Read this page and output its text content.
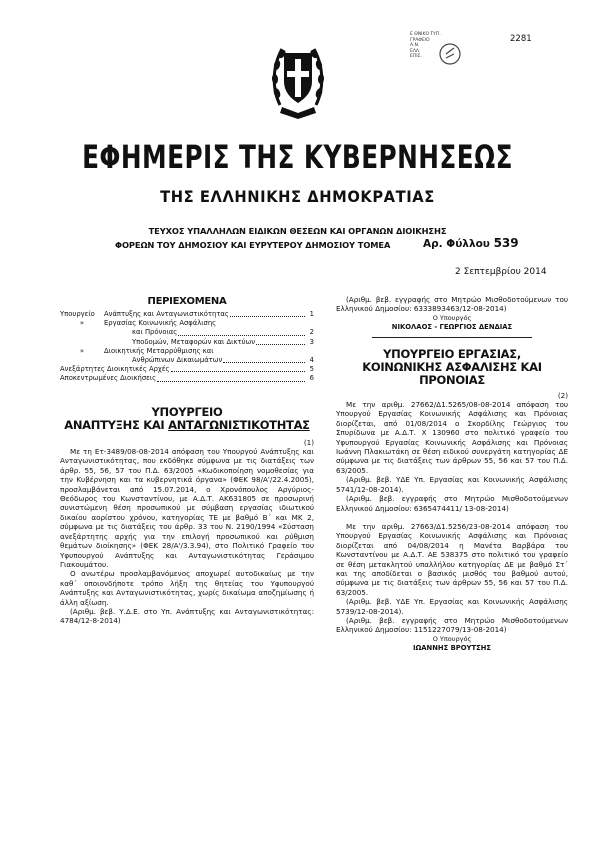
Ε ΘΝΙΚΟ ΤΥΠ.
ΓΡΑΦΕΙΟ
Α.Ν.
ΕΛΛ.
ΕΠΙΣ.
2281
ΕΦΗΜΕΡΙΣ ΤΗΣ ΚΥΒΕΡΝΗΣΕΩΣ
ΤΗΣ ΕΛΛΗΝΙΚΗΣ ΔΗΜΟΚΡΑΤΙΑΣ
ΤΕΥΧΟΣ ΥΠΑΛΛΗΛΩΝ ΕΙΔΙΚΩΝ ΘΕΣΕΩΝ ΚΑΙ ΟΡΓΑΝΩΝ ΔΙΟΙΚΗΣΗΣ
ΦΟΡΕΩΝ ΤΟΥ ΔΗΜΟΣΙΟΥ ΚΑΙ ΕΥΡΥΤΕΡΟΥ ΔΗΜΟΣΙΟΥ ΤΟΜΕΑ	Αρ. Φύλλου 539
2 Σεπτεμβρίου 2014
ΠΕΡΙΕΧΟΜΕΝΑ
Υπουργείο	Ανάπτυξης και Ανταγωνιστικότητας	1
»	Εργασίας Κοινωνικής Ασφάλισης
και Πρόνοιας	2
Υποδομών, Μεταφορών και Δικτύων	3
»	Διοικητικής Μεταρρύθμισης και
Ανθρώπινων Δικαιωμάτων	4
Ανεξάρτητες Διοικητικές Αρχές	5
Αποκεντρωμένες Διοικήσεις	6
ΥΠΟΥΡΓΕΙΟ
ΑΝΑΠΤΥΞΗΣ ΚΑΙ ΑΝΤΑΓΩΝΙΣΤΙΚΟΤΗΤΑΣ
(1)

Με τη Ετ-3489/08-08-2014 απόφαση του Υπουργού Ανάπτυξης και Ανταγωνιστικότητας, που εκδόθηκε σύμφωνα με τις διατάξεις των άρθρ. 55, 56, 57 του Π.Δ. 63/2005 «Κωδικοποίηση νομοθεσίας για την Κυβέρνηση και τα κυβερνητικά όργανα» (ΦΕΚ 98/Α'/22.4.2005), προσλαμβάνεται από 15.07.2014, ο Χρονόπουλος Αργύριος-Θεόδωρος του Κωνσταντίνου, με Α.Δ.Τ. ΑΚ631805 σε προσωρινή συνιστώμενη θέση προσωπικού με σύμβαση εργασίας ιδιωτικού δικαίου αορίστου χρόνου, κατηγορίας ΤΕ με βαθμό Β΄ και ΜΚ 2, σύμφωνα με τις διατάξεις του άρθρ. 33 του Ν. 2190/1994 «Σύσταση ανεξάρτητης αρχής για την επιλογή προσωπικού και ρύθμιση θεμάτων διοίκησης» (ΦΕΚ 28/Α'/3.3.94), στο Πολιτικό Γραφείο του Υφυπουργού Ανάπτυξης και Ανταγωνιστικότητας Γεράσιμου Γιακουμάτου.

Ο ανωτέρω προσλαμβανόμενος αποχωρεί αυτοδικαίως με την καθ΄ οποιονδήποτε τρόπο λήξη της θητείας του Υφυπουργού Ανάπτυξης και Ανταγωνιστικότητας, χωρίς δικαίωμα αποζημίωσης ή άλλη αξίωση.

(Αριθμ. βεβ. Υ.Δ.Ε. στο Υπ. Ανάπτυξης και Ανταγωνιστικότητας: 4784/12-8-2014)

(Αριθμ. βεβ. εγγραφής στο Μητρώο Μισθοδοτούμενων του Ελληνικού Δημοσίου: 6333893463/12-08-2014)

Ο Υπουργός
ΝΙΚΟΛΑΟΣ - ΓΕΩΡΓΙΟΣ ΔΕΝΔΙΑΣ
ΥΠΟΥΡΓΕΙΟ ΕΡΓΑΣΙΑΣ,
ΚΟΙΝΩΝΙΚΗΣ ΑΣΦΑΛΙΣΗΣ ΚΑΙ ΠΡΟΝΟΙΑΣ
(2)

Με την αριθμ. 27662/Δ1.5265/08-08-2014 απόφαση του Υπουργού Εργασίας Κοινωνικής Ασφάλισης και Πρόνοιας διορίζεται, από 01/08/2014 ο Σκορδίλης Γεώργιος του Σπυρίδωνα με Α.Δ.Τ. Χ 130960 στο πολιτικό γραφείο του Υφυπουργού Εργασίας Κοινωνικής Ασφάλισης και Πρόνοιας Ιωάννη Πλακιωτάκη σε θέση ειδικού συνεργάτη κατηγορίας ΔΕ σύμφωνα με τις διατάξεις των άρθρων 55, 56 και 57 του Π.Δ. 63/2005.

(Αριθμ. βεβ. ΥΔΕ Υπ. Εργασίας και Κοινωνικής Ασφάλισης 5741/12-08-2014).

(Αριθμ. βεβ. εγγραφής στο Μητρώο Μισθοδοτούμενων Ελληνικού Δημοσίου: 6365474411/ 13-08-2014)

Με την αριθμ. 27663/Δ1.5256/23-08-2014 απόφαση του Υπουργού Εργασίας Κοινωνικής Ασφάλισης και Πρόνοιας διορίζεται από 04/08/2014 η Μανέτα Βαρβάρα του Κωνσταντίνου με Α.Δ.Τ. ΑΕ 538375 στο πολιτικό του γραφείο σε θέση μετακλητού υπαλλήλου κατηγορίας ΔΕ με βαθμό Στ΄ και της αποδίδεται ο βασικός μισθός του βαθμού αυτού, σύμφωνα με τις διατάξεις των άρθρων 55, 56 και 57 του Π.Δ. 63/2005.

(Αριθμ. βεβ. ΥΔΕ Υπ. Εργασίας και Κοινωνικής Ασφάλισης 5739/12-08-2014).

(Αριθμ. βεβ. εγγραφής στο Μητρώο Μισθοδοτούμενων Ελληνικού Δημοσίου: 1151227079/13-08-2014)

Ο Υπουργός
ΙΩΑΝΝΗΣ ΒΡΟΥΤΣΗΣ
